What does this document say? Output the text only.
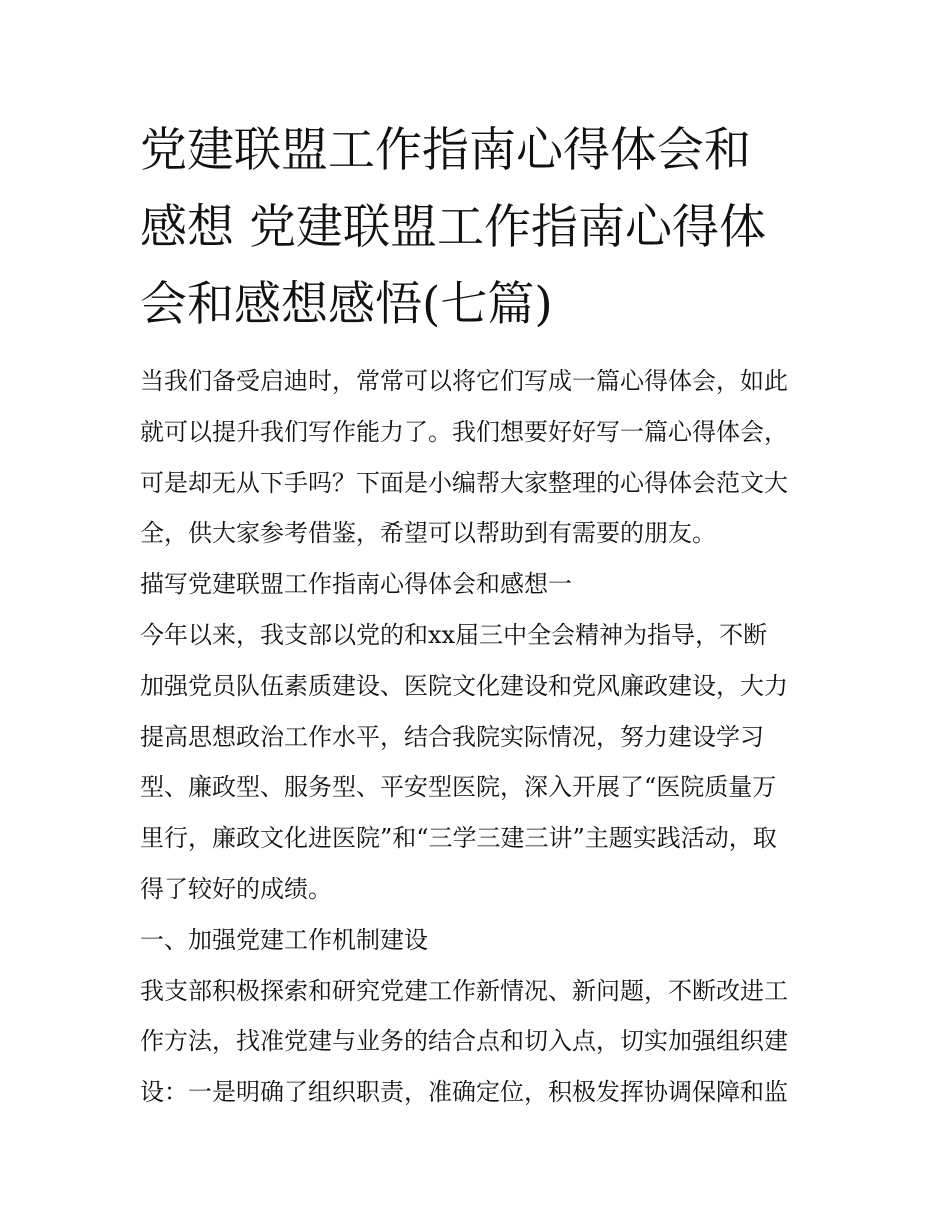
党建联盟工作指南心得体会和
感想 党建联盟工作指南心得体
会和感想感悟(七篇)
当我们备受启迪时，常常可以将它们写成一篇心得体会，如此
就可以提升我们写作能力了。我们想要好好写一篇心得体会，
可是却无从下手吗？下面是小编帮大家整理的心得体会范文大
全，供大家参考借鉴，希望可以帮助到有需要的朋友。
描写党建联盟工作指南心得体会和感想一
今年以来，我支部以党的和xx届三中全会精神为指导，不断
加强党员队伍素质建设、医院文化建设和党风廉政建设，大力
提高思想政治工作水平，结合我院实际情况，努力建设学习
型、廉政型、服务型、平安型医院，深入开展了“医院质量万
里行，廉政文化进医院”和“三学三建三讲”主题实践活动，取
得了较好的成绩。
一、加强党建工作机制建设
我支部积极探索和研究党建工作新情况、新问题，不断改进工
作方法，找准党建与业务的结合点和切入点，切实加强组织建
设：一是明确了组织职责，准确定位，积极发挥协调保障和监
